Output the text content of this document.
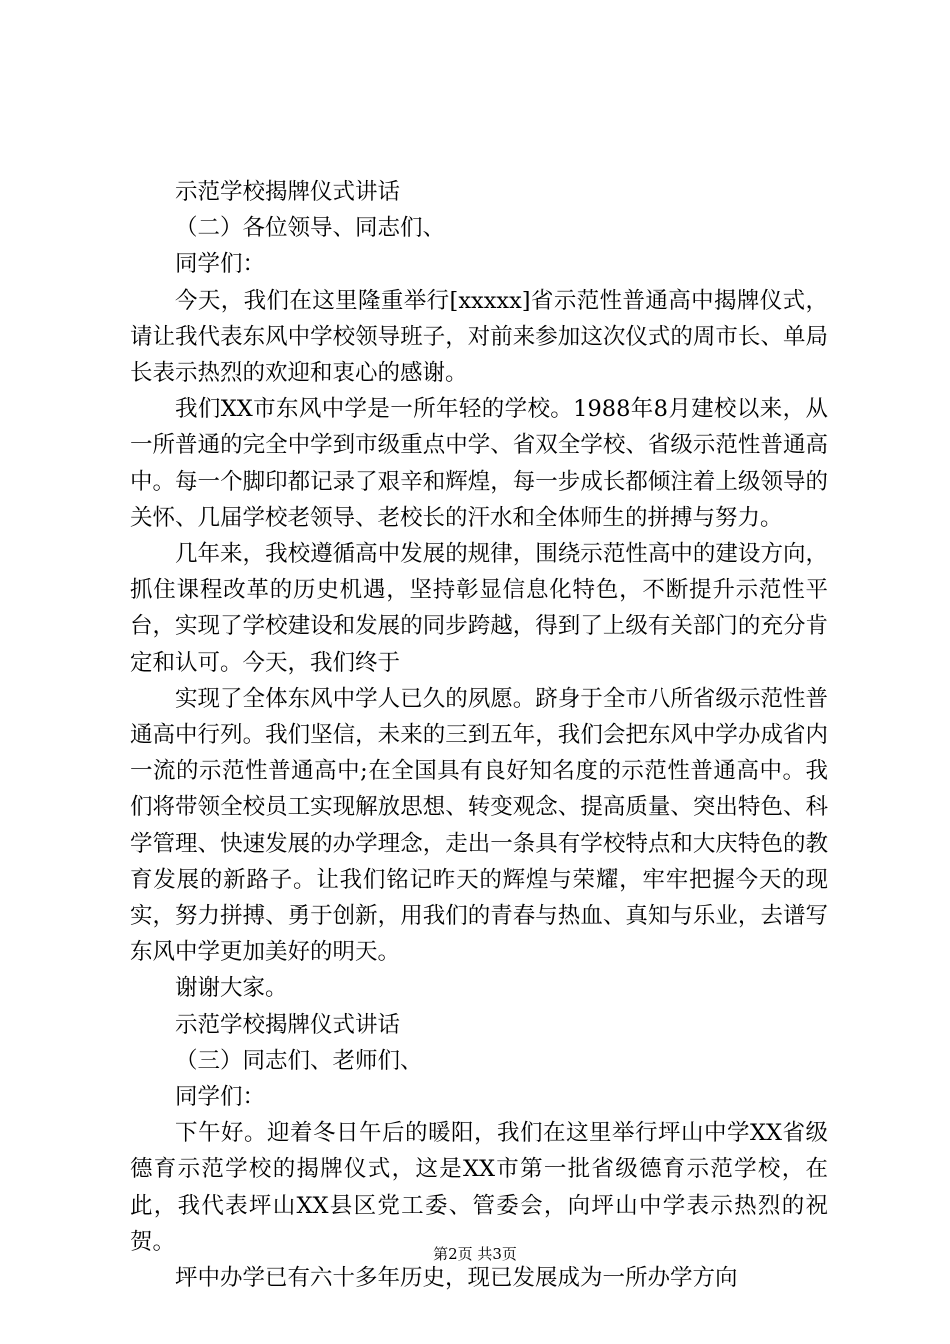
示范学校揭牌仪式讲话

（二）各位领导、同志们、

同学们：

今天，我们在这里隆重举行[xxxxx]省示范性普通高中揭牌仪式，请让我代表东风中学校领导班子，对前来参加这次仪式的周市长、单局长表示热烈的欢迎和衷心的感谢。

我们XX市东风中学是一所年轻的学校。1988年8月建校以来，从一所普通的完全中学到市级重点中学、省双全学校、省级示范性普通高中。每一个脚印都记录了艰辛和辉煌，每一步成长都倾注着上级领导的关怀、几届学校老领导、老校长的汗水和全体师生的拼搏与努力。

几年来，我校遵循高中发展的规律，围绕示范性高中的建设方向，抓住课程改革的历史机遇，坚持彰显信息化特色，不断提升示范性平台，实现了学校建设和发展的同步跨越，得到了上级有关部门的充分肯定和认可。今天，我们终于

实现了全体东风中学人已久的夙愿。跻身于全市八所省级示范性普通高中行列。我们坚信，未来的三到五年，我们会把东风中学办成省内一流的示范性普通高中;在全国具有良好知名度的示范性普通高中。我们将带领全校员工实现解放思想、转变观念、提高质量、突出特色、科学管理、快速发展的办学理念，走出一条具有学校特点和大庆特色的教育发展的新路子。让我们铭记昨天的辉煌与荣耀，牢牢把握今天的现实，努力拼搏、勇于创新，用我们的青春与热血、真知与乐业，去谱写东风中学更加美好的明天。

谢谢大家。

示范学校揭牌仪式讲话

（三）同志们、老师们、

同学们：

下午好。迎着冬日午后的暖阳，我们在这里举行坪山中学XX省级德育示范学校的揭牌仪式，这是XX市第一批省级德育示范学校，在此，我代表坪山XX县区党工委、管委会，向坪山中学表示热烈的祝贺。

坪中办学已有六十多年历史，现已发展成为一所办学方向

第2页 共3页
